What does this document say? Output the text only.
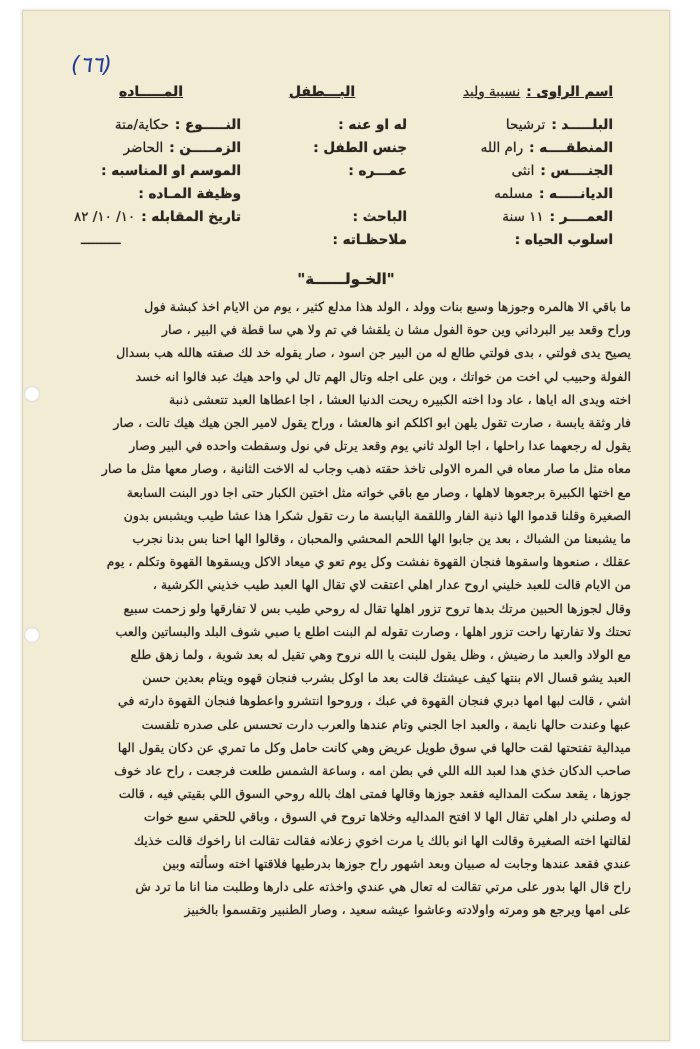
(٦٦)
اسم الراوى :نسيبة وليد
البلـــــد :ترشيحا
المنطقــــه :رام الله
الجنــــس :انثى
الديانـــــه :مسلمه
العمــــر :١١ سنة
اسلوب الحياه :
البـــطفل
له او عنه :
جنس الطفل :
عمـــره :
الباحث :
ملاحظـاته :
المـــــاده
النـــــوع :حكاية/متة
الزمـــــن :الحاضر
الموسم او المناسبه :
وظيفة المـاده :
تاريخ المقابله :١٠/ ١٠/ ٨٢
ــــــــــ
"الخـولــــــة"
ما باقي الا هالمره وجوزها وسبع بنات وولد ، الولد هذا مدلع كثير ، يوم من الايام اخذ كبشة فول
وراح وقعد بير البرداني وين حوة الفول مشا ن يلقشا في تم ولا هي سا قطة في البير ، صار
يصيح يدى فولتي ، بدى فولتي طالع له من البير جن اسود ، صار يقوله خد لك صفته هالله هب بسدال
الفولة وحبيب لي اخت من خواتك ، وين على اجله وتال الهم تال لي واحد هيك عبد فالوا انه خسد
اخته ويدى اله اياها ، عاد ودا اخته الكبيره ريحت الدنيا العشا ، اجا اعطاها العبد تتعشى ذنبة
فار وثقة يابسة ، صارت تقول يلهن ابو اكلكم انو هالعشا ، وراح يقول لامير الجن هيك هيك تالت ، صار
يقول له رجعهما عدا راحلها ، اجا الولد ثاني يوم وقعد يرتل في نول وسقطت واحده في البير وصار
معاه مثل ما صار معاه في المره الاولى تاخذ حقته ذهب وجاب له الاخت الثانية ، وصار معها مثل ما صار
مع اختها الكبيرة برجعوها لاهلها ، وصار مع باقي خواته مثل اختين الكبار حتى اجا دور البنت السابعة
الصغيرة وقلنا قدموا الها ذنبة الفار واللقمة اليابسة ما رت تقول شكرا هذا عشا طيب ويشبس بدون
ما يشبعنا من الشباك ، بعد ين جابوا الها اللحم المحشي والمحبان ، وقالوا الها احنا بس بدنا نجرب
عقلك ، صنعوها واسقوها فنجان القهوة نفشت وكل يوم تعو ي ميعاد الاكل ويسقوها القهوة وتكلم ، يوم
من الايام قالت للعبد خليني اروح عدار اهلي اعتقت لاي تقال الها العبد طيب خذيني الكرشية ،
وقال لجوزها الحبين مرتك بدها تروح تزور اهلها تقال له روحي طيب بس لا تفارقها ولو زحمت سبيع
تحتك ولا تفارتها راحت تزور اهلها ، وصارت تقوله لم البنت اطلع يا صبي شوف البلد والبساتين والعب
مع الولاد والعبد ما رضيش ، وظل يقول للبنت يا الله نروح وهي تقيل له بعد شوية ، ولما زهق طلع
العبد يشو قسال الام بنتها كيف عيشتك قالت بعد ما اوكل بشرب فنجان قهوه ويتام بعدين حسن
اشي ، قالت لبها امها دبري فنجان القهوة في عبك ، وروحوا انتشرو واعطوها فنجان القهوة دارته في
عبها وعندت حالها نايمة ، والعبد اجا الجني وتام عندها والعرب دارت تحسس على صدره تلقست
ميدالية تفتحتها لقت حالها في سوق طويل عريض وهي كانت حامل وكل ما تمري عن دكان يقول الها
صاحب الدكان خذي هدا لعبد الله اللي في بطن امه ، وساعة الشمس طلعت فرجعت ، راح عاد خوف
جوزها ، يقعد سكت المداليه فقعد جوزها وقالها فمتى اهك بالله روحي السوق اللي بقيتي فيه ، قالت
له وصلني دار اهلي تقال الها لا افتح المداليه وخلاها تروح في السوق ، وباقي للحقي سبع خوات
لقالتها اخته الصغيرة وقالت الها انو بالك يا مرت اخوي زعلانه فقالت تقالت انا راخوك قالت خذيك
عندي فقعد عندها وجابت له صبيان وبعد اشهور راح جوزها بدرطيها فلاقتها اخته وسألته وبين
راح قال الها بدور على مرتي تقالت له تعال هي عندي واخذته على دارها وطلبت منا انا ما ترد ش
على امها ويرجع هو ومرته واولادته وعاشوا عيشه سعيد ، وصار الطنبير وتقسموا بالخبيز
